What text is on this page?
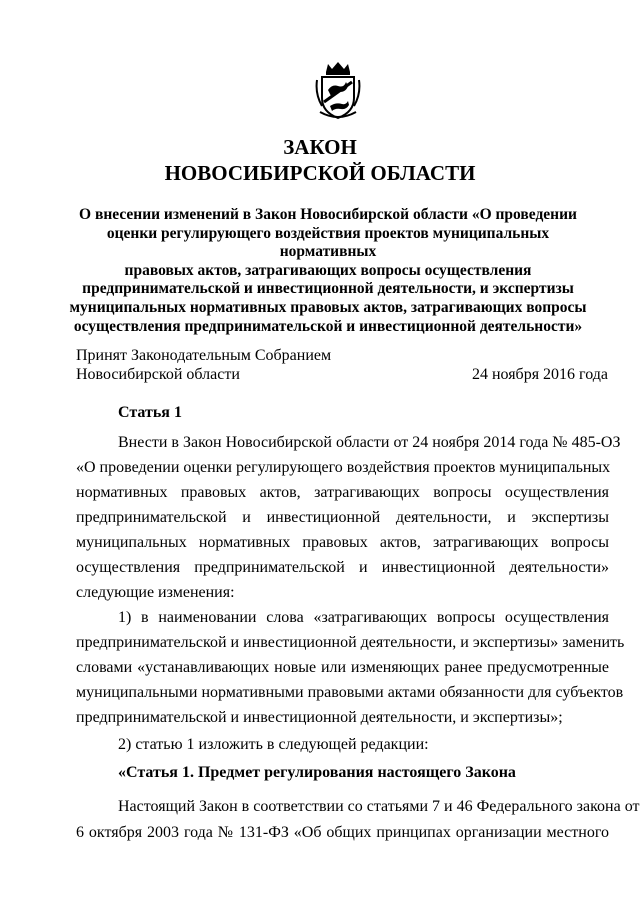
ЗАКОН
НОВОСИБИРСКОЙ ОБЛАСТИ
О внесении изменений в Закон Новосибирской области «О проведении
оценки регулирующего воздействия проектов муниципальных нормативных
правовых актов, затрагивающих вопросы осуществления
предпринимательской и инвестиционной деятельности, и экспертизы
муниципальных нормативных правовых актов, затрагивающих вопросы
осуществления предпринимательской и инвестиционной деятельности»
Принят Законодательным Собранием
Новосибирской области	24 ноября 2016 года
Статья 1
Внести в Закон Новосибирской области от 24 ноября 2014 года № 485-ОЗ
«О проведении оценки регулирующего воздействия проектов муниципальных
нормативных правовых актов, затрагивающих вопросы осуществления
предпринимательской и инвестиционной деятельности, и экспертизы
муниципальных нормативных правовых актов, затрагивающих вопросы
осуществления предпринимательской и инвестиционной деятельности»
следующие изменения:
1) в наименовании слова «затрагивающих вопросы осуществления
предпринимательской и инвестиционной деятельности, и экспертизы» заменить
словами «устанавливающих новые или изменяющих ранее предусмотренные
муниципальными нормативными правовыми актами обязанности для субъектов
предпринимательской и инвестиционной деятельности, и экспертизы»;
2) статью 1 изложить в следующей редакции:
«Статья 1. Предмет регулирования настоящего Закона
Настоящий Закон в соответствии со статьями 7 и 46 Федерального закона от
6 октября 2003 года № 131-ФЗ «Об общих принципах организации местного
